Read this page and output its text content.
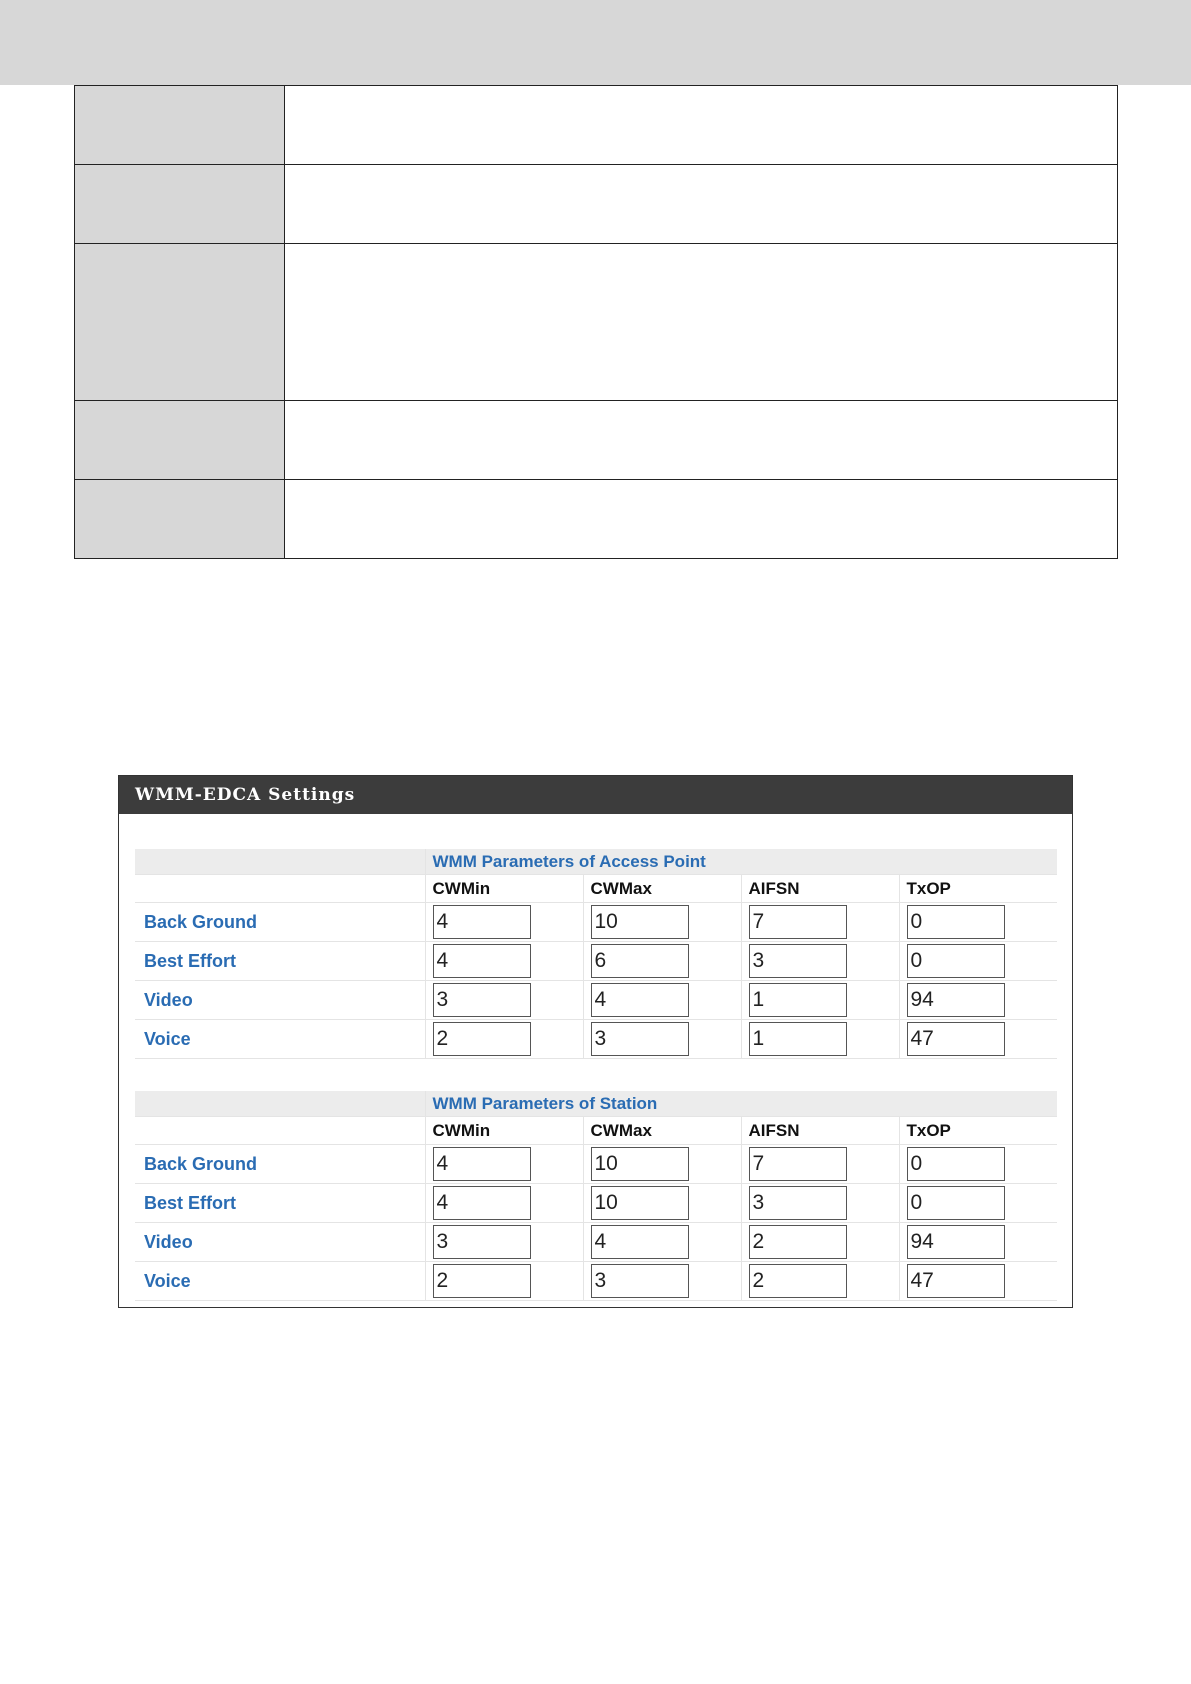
WMM-EDCA Settings
	WMM Parameters of Access Point			
	CWMin	CWMax	AIFSN	TxOP
Back Ground	4	10	7	0
Best Effort	4	6	3	0
Video	3	4	1	94
Voice	2	3	1	47
	WMM Parameters of Station			
	CWMin	CWMax	AIFSN	TxOP
Back Ground	4	10	7	0
Best Effort	4	10	3	0
Video	3	4	2	94
Voice	2	3	2	47
